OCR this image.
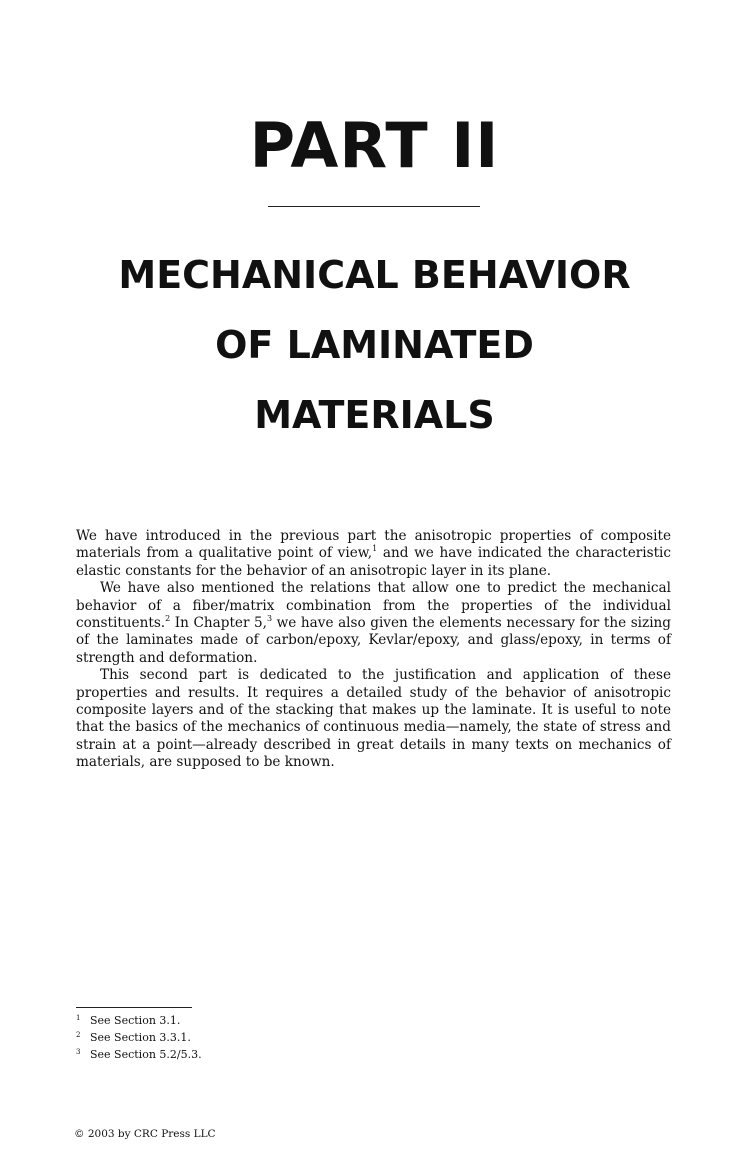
PART II
MECHANICAL BEHAVIOR
OF LAMINATED
MATERIALS

We have introduced in the previous part the anisotropic properties of composite materials from a qualitative point of view,$^1$ and we have indicated the characteristic elastic constants for the behavior of an anisotropic layer in its plane.

We have also mentioned the relations that allow one to predict the mechanical behavior of a fiber/matrix combination from the properties of the individual constituents.$^2$ In Chapter 5,$^3$ we have also given the elements necessary for the sizing of the laminates made of carbon/epoxy, Kevlar/epoxy, and glass/epoxy, in terms of strength and deformation.

This second part is dedicated to the justification and application of these properties and results. It requires a detailed study of the behavior of anisotropic composite layers and of the stacking that makes up the laminate. It is useful to note that the basics of the mechanics of continuous media—namely, the state of stress and strain at a point—already described in great details in many texts on mechanics of materials, are supposed to be known.

$^1$ See Section 3.1.
$^2$ See Section 3.3.1.
$^3$ See Section 5.2/5.3.
© 2003 by CRC Press LLC
